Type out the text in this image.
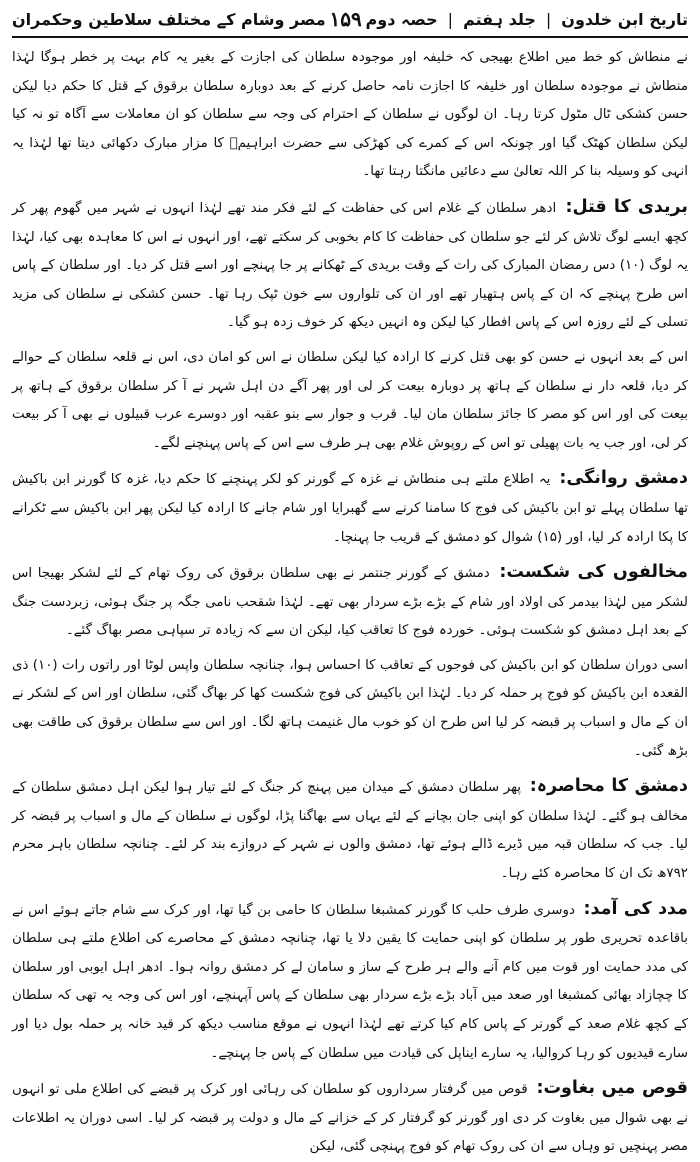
تاریخ ابن خلدون
|
جلد ہفتم
|
حصہ دوم
۱۵۹
مصر وشام کے مختلف سلاطین وحکمران

نے منطاش کو خط میں اطلاع بھیجی کہ خلیفہ اور موجودہ سلطان کی اجازت کے بغیر یہ کام بہت پر خطر ہوگا لہٰذا منطاش نے موجودہ سلطان اور خلیفہ کا اجازت نامہ حاصل کرنے کے بعد دوبارہ سلطان برقوق کے قتل کا حکم دیا لیکن حسن کشکی ٹال مٹول کرتا رہا۔ ان لوگوں نے سلطان کے احترام کی وجہ سے سلطان کو ان معاملات سے آگاہ تو نہ کیا لیکن سلطان کھٹک گیا اور چونکہ اس کے کمرے کی کھڑکی سے حضرت ابراہیمؑ کا مزار مبارک دکھائی دیتا تھا لہٰذا یہ انہی کو وسیلہ بنا کر اللہ تعالیٰ سے دعائیں مانگتا رہتا تھا۔

بریدی کا قتل: ادھر سلطان کے غلام اس کی حفاظت کے لئے فکر مند تھے لہٰذا انہوں نے شہر میں گھوم پھر کر کچھ ایسے لوگ تلاش کر لئے جو سلطان کی حفاظت کا کام بخوبی کر سکتے تھے، اور انہوں نے اس کا معاہدہ بھی کیا، لہٰذا یہ لوگ (۱۰) دس رمضان المبارک کی رات کے وقت بریدی کے ٹھکانے پر جا پہنچے اور اسے قتل کر دیا۔ اور سلطان کے پاس اس طرح پہنچے کہ ان کے پاس ہتھیار تھے اور ان کی تلواروں سے خون ٹپک رہا تھا۔ حسن کشکی نے سلطان کی مزید تسلی کے لئے روزہ اس کے پاس افطار کیا لیکن وہ انہیں دیکھ کر خوف زدہ ہو گیا۔

اس کے بعد انہوں نے حسن کو بھی قتل کرنے کا ارادہ کیا لیکن سلطان نے اس کو امان دی، اس نے قلعہ سلطان کے حوالے کر دیا، قلعہ دار نے سلطان کے ہاتھ پر دوبارہ بیعت کر لی اور پھر آگے دن اہل شہر نے آ کر سلطان برقوق کے ہاتھ پر بیعت کی اور اس کو مصر کا جائز سلطان مان لیا۔ قرب و جوار سے بنو عقبہ اور دوسرے عرب قبیلوں نے بھی آ کر بیعت کر لی، اور جب یہ بات پھیلی تو اس کے روپوش غلام بھی ہر طرف سے اس کے پاس پہنچنے لگے۔

دمشق روانگی: یہ اطلاع ملتے ہی منطاش نے غزہ کے گورنر کو لکر پہنچنے کا حکم دیا، غزہ کا گورنر ابن باکیش تھا سلطان پہلے تو ابن باکیش کی فوج کا سامنا کرنے سے گھبرایا اور شام جانے کا ارادہ کیا لیکن پھر ابن باکیش سے ٹکرانے کا پکا ارادہ کر لیا، اور (۱۵) شوال کو دمشق کے قریب جا پہنچا۔

مخالفوں کی شکست: دمشق کے گورنر جنتمر نے بھی سلطان برقوق کی روک تھام کے لئے لشکر بھیجا اس لشکر میں لہٰذا بیدمر کی اولاد اور شام کے بڑے بڑے سردار بھی تھے۔ لہٰذا شقحب نامی جگہ پر جنگ ہوئی، زبردست جنگ کے بعد اہل دمشق کو شکست ہوئی۔ خوردہ فوج کا تعاقب کیا، لیکن ان سے کہ زیادہ تر سپاہی مصر بھاگ گئے۔

اسی دوران سلطان کو ابن باکیش کی فوجوں کے تعاقب کا احساس ہوا، چنانچہ سلطان واپس لوٹا اور راتوں رات (۱۰) ذی القعدہ ابن باکیش کو فوج پر حملہ کر دیا۔ لہٰذا ابن باکیش کی فوج شکست کھا کر بھاگ گئی، سلطان اور اس کے لشکر نے ان کے مال و اسباب پر قبضہ کر لیا اس طرح ان کو خوب مال غنیمت ہاتھ لگا۔ اور اس سے سلطان برقوق کی طاقت بھی بڑھ گئی۔

دمشق کا محاصرہ: پھر سلطان دمشق کے میدان میں پہنچ کر جنگ کے لئے تیار ہوا لیکن اہل دمشق سلطان کے مخالف ہو گئے۔ لہٰذا سلطان کو اپنی جان بچانے کے لئے یہاں سے بھاگنا پڑا، لوگوں نے سلطان کے مال و اسباب پر قبضہ کر لیا۔ جب کہ سلطان قبہ میں ڈیرے ڈالے ہوئے تھا، دمشق والوں نے شہر کے دروازے بند کر لئے۔ چنانچہ سلطان باہر محرم ۷۹۲ھ تک ان کا محاصرہ کئے رہا۔

مدد کی آمد: دوسری طرف حلب کا گورنر کمشبغا سلطان کا حامی بن گیا تھا، اور کرک سے شام جاتے ہوئے اس نے باقاعدہ تحریری طور پر سلطان کو اپنی حمایت کا یقین دلا یا تھا، چنانچہ دمشق کے محاصرے کی اطلاع ملتے ہی سلطان کی مدد حمایت اور قوت میں کام آنے والے ہر طرح کے ساز و سامان لے کر دمشق روانہ ہوا۔ ادھر اہل ایوبی اور سلطان کا چچازاد بھائی کمشبغا اور صعد میں آباد بڑے بڑے سردار بھی سلطان کے پاس آپہنچے، اور اس کی وجہ یہ تھی کہ سلطان کے کچھ غلام صعد کے گورنر کے پاس کام کیا کرتے تھے لہٰذا انہوں نے موقع مناسب دیکھ کر قید خانہ پر حملہ بول دیا اور سارے قیدیوں کو رہا کروالیا، یہ سارے ایناپل کی قیادت میں سلطان کے پاس جا پہنچے۔

قوص میں بغاوت: قوص میں گرفتار سرداروں کو سلطان کی رہائی اور کرک پر قبضے کی اطلاع ملی تو انہوں نے بھی شوال میں بغاوت کر دی اور گورنر کو گرفتار کر کے خزانے کے مال و دولت پر قبضہ کر لیا۔ اسی دوران یہ اطلاعات مصر پہنچیں تو وہاں سے ان کی روک تھام کو فوج پہنچی گئی، لیکن
